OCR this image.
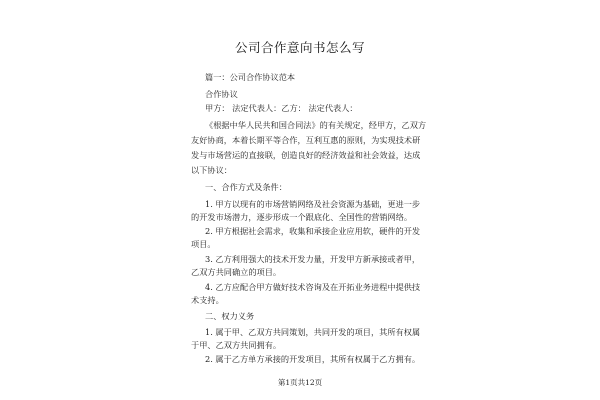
公司合作意向书怎么写
篇一：公司合作协议范本
合作协议
甲方： 法定代表人：乙方： 法定代表人：
《根据中华人民共和国合同法》的有关规定，经甲方，乙双方
友好协商，本着长期平等合作，互利互惠的原则，为实现技术研
发与市场营运的直接联，创造良好的经济效益和社会效益，达成
以下协议：
一、合作方式及条件：
1. 甲方以现有的市场营销网络及社会资源为基础，更进一步
的开发市场潜力，逐步形成一个跟底化、全国性的营销网络。
2. 甲方根据社会需求，收集和承接企业应用软，硬件的开发
项目。
3. 乙方利用强大的技术开发力量，开发甲方新承接或者甲，
乙双方共同确立的项目。
4. 乙方应配合甲方做好技术咨询及在开拓业务进程中提供技
术支持。
二、权力义务
1. 属于甲、乙双方共同策划，共同开发的项目，其所有权属
于甲、乙双方共同拥有。
2. 属于乙方单方承接的开发项目，其所有权属于乙方拥有。
第1页共12页
